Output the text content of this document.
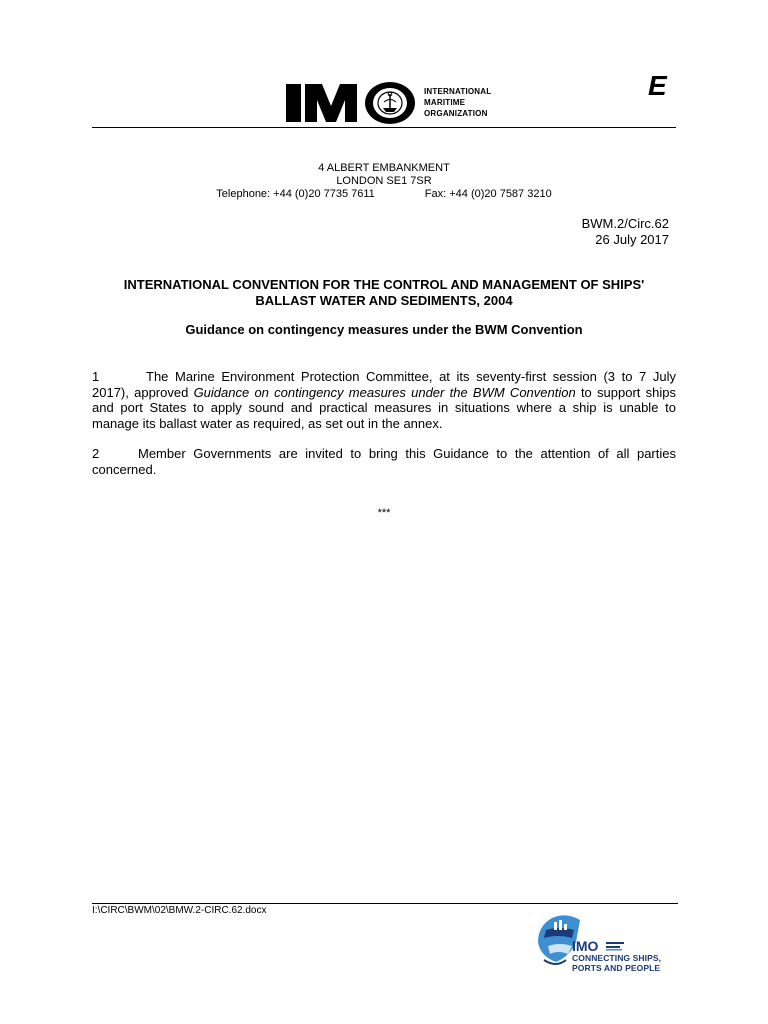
INTERNATIONAL
MARITIME
ORGANIZATION
E
4 ALBERT EMBANKMENT
LONDON SE1 7SR
Telephone: +44 (0)20 7735 7611	Fax: +44 (0)20 7587 3210
BWM.2/Circ.62
26 July 2017
INTERNATIONAL CONVENTION FOR THE CONTROL AND MANAGEMENT OF SHIPS'
BALLAST WATER AND SEDIMENTS, 2004
Guidance on contingency measures under the BWM Convention
1	The Marine Environment Protection Committee, at its seventy-first session (3 to 7 July 2017), approved Guidance on contingency measures under the BWM Convention to support ships and port States to apply sound and practical measures in situations where a ship is unable to manage its ballast water as required, as set out in the annex.
2	Member Governments are invited to bring this Guidance to the attention of all parties concerned.
***
I:\CIRC\BWM\02\BMW.2-CIRC.62.docx
IMO
CONNECTING SHIPS,
PORTS AND PEOPLE
